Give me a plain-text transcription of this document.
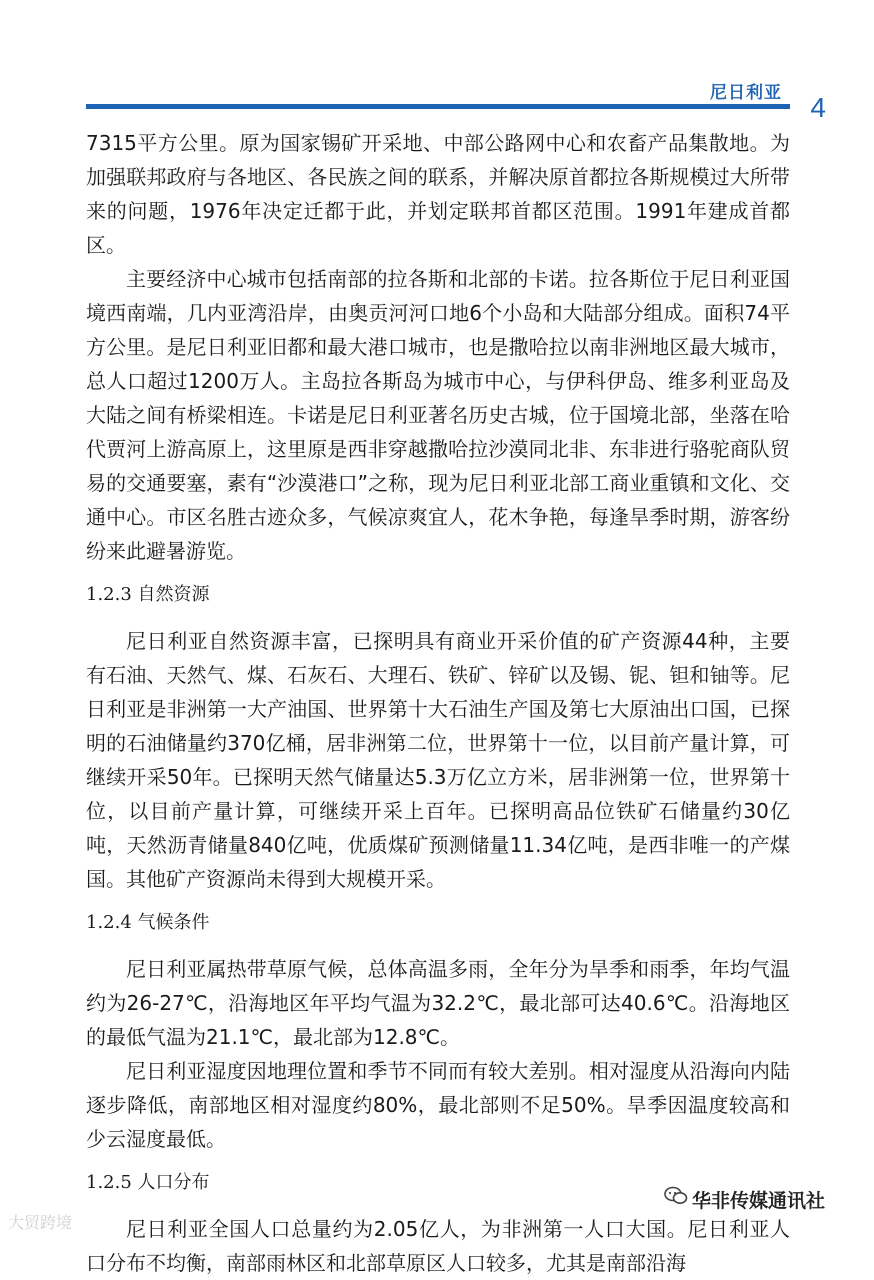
尼日利亚 4

7315平方公里。原为国家锡矿开采地、中部公路网中心和农畜产品集散地。为加强联邦政府与各地区、各民族之间的联系，并解决原首都拉各斯规模过大所带来的问题，1976年决定迁都于此，并划定联邦首都区范围。1991年建成首都区。

主要经济中心城市包括南部的拉各斯和北部的卡诺。拉各斯位于尼日利亚国境西南端，几内亚湾沿岸，由奥贡河河口地6个小岛和大陆部分组成。面积74平方公里。是尼日利亚旧都和最大港口城市，也是撒哈拉以南非洲地区最大城市，总人口超过1200万人。主岛拉各斯岛为城市中心，与伊科伊岛、维多利亚岛及大陆之间有桥梁相连。卡诺是尼日利亚著名历史古城，位于国境北部，坐落在哈代贾河上游高原上，这里原是西非穿越撒哈拉沙漠同北非、东非进行骆驼商队贸易的交通要塞，素有“沙漠港口”之称，现为尼日利亚北部工商业重镇和文化、交通中心。市区名胜古迹众多，气候凉爽宜人，花木争艳，每逢旱季时期，游客纷纷来此避暑游览。

1.2.3 自然资源

尼日利亚自然资源丰富，已探明具有商业开采价值的矿产资源44种，主要有石油、天然气、煤、石灰石、大理石、铁矿、锌矿以及锡、铌、钽和铀等。尼日利亚是非洲第一大产油国、世界第十大石油生产国及第七大原油出口国，已探明的石油储量约370亿桶，居非洲第二位，世界第十一位，以目前产量计算，可继续开采50年。已探明天然气储量达5.3万亿立方米，居非洲第一位，世界第十位，以目前产量计算，可继续开采上百年。已探明高品位铁矿石储量约30亿吨，天然沥青储量840亿吨，优质煤矿预测储量11.34亿吨，是西非唯一的产煤国。其他矿产资源尚未得到大规模开采。

1.2.4 气候条件

尼日利亚属热带草原气候，总体高温多雨，全年分为旱季和雨季，年均气温约为26-27℃，沿海地区年平均气温为32.2℃，最北部可达40.6℃。沿海地区的最低气温为21.1℃，最北部为12.8℃。

尼日利亚湿度因地理位置和季节不同而有较大差别。相对湿度从沿海向内陆逐步降低，南部地区相对湿度约80%，最北部则不足50%。旱季因温度较高和少云湿度最低。

1.2.5 人口分布

尼日利亚全国人口总量约为2.05亿人，为非洲第一人口大国。尼日利亚人口分布不均衡，南部雨林区和北部草原区人口较多，尤其是南部沿海

华非传媒通讯社
大贸跨境
